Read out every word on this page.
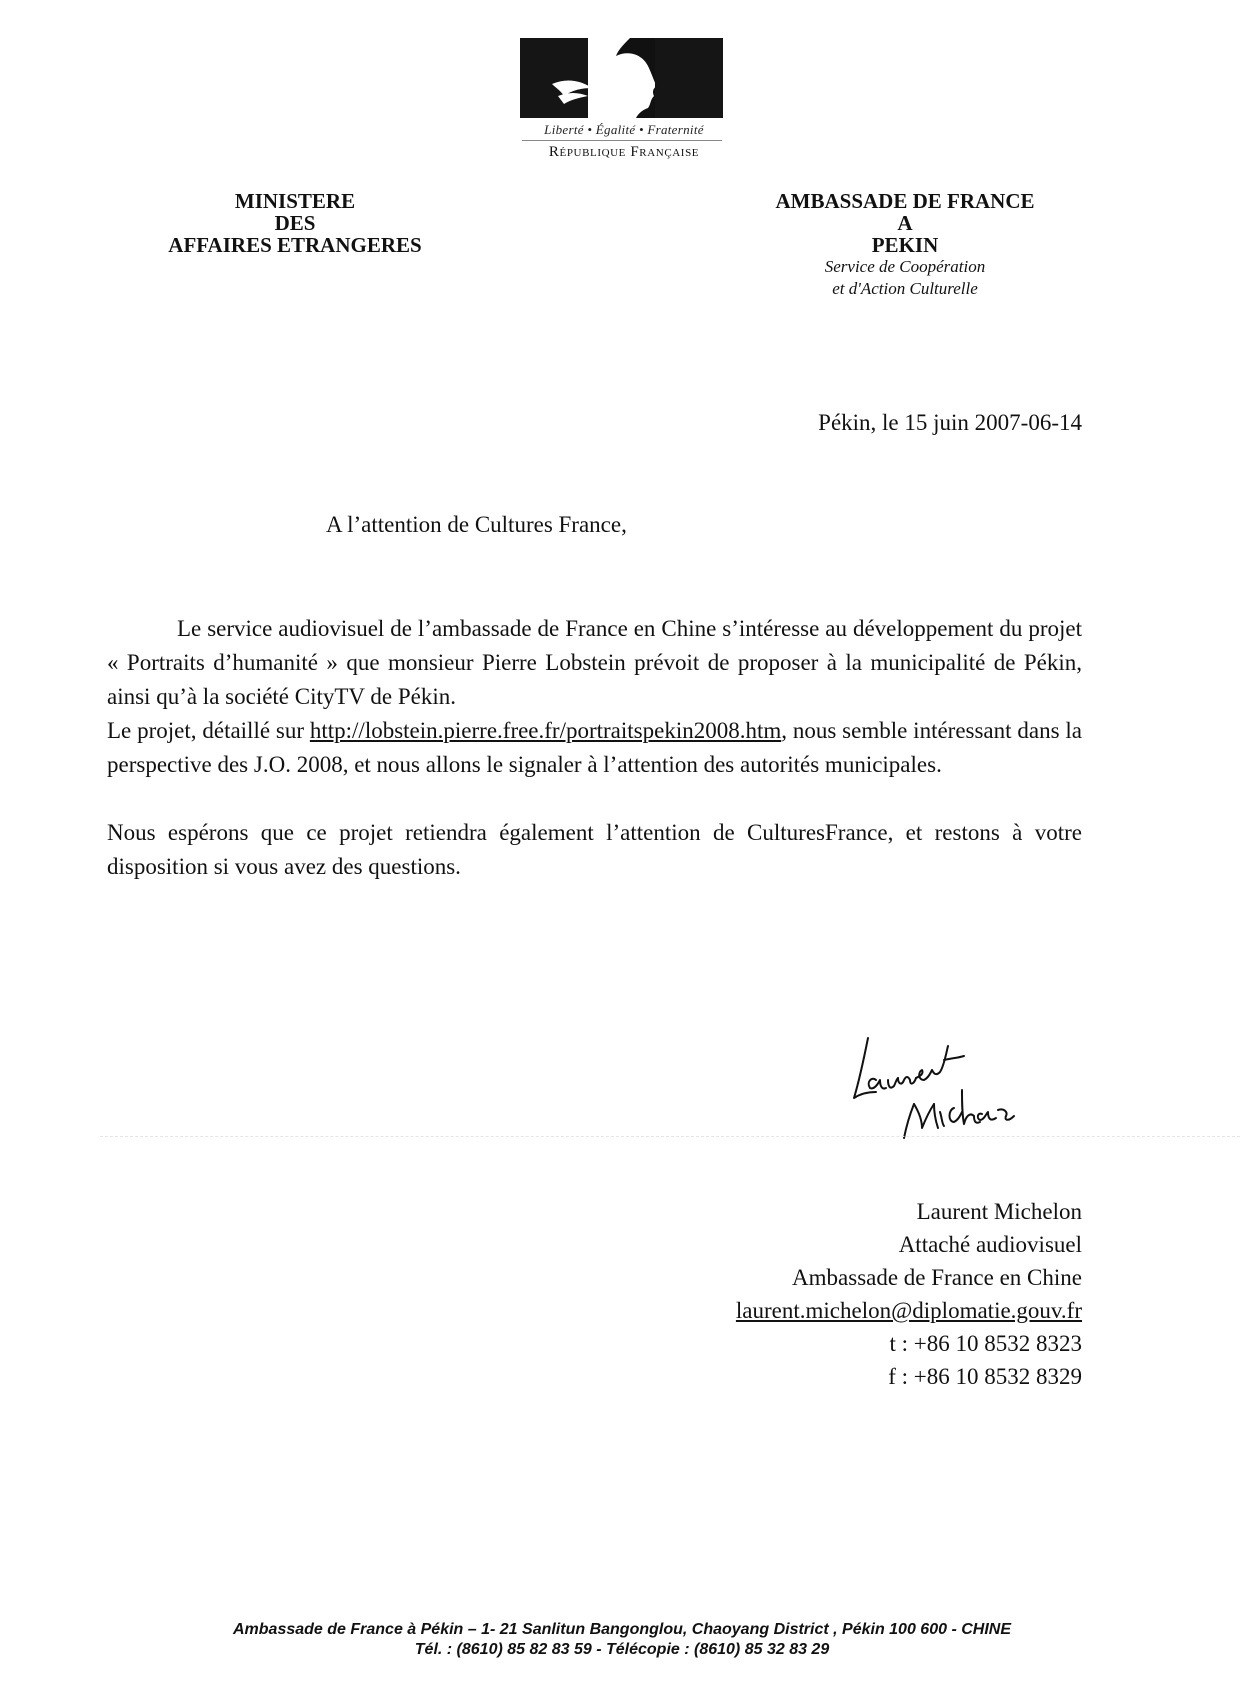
Liberté • Égalité • Fraternité
République Française
MINISTERE
DES
AFFAIRES ETRANGERES
AMBASSADE DE FRANCE
A
PEKIN
Service de Coopération
et d'Action Culturelle
Pékin, le 15 juin 2007-06-14
A l’attention de Cultures France,

Le service audiovisuel de l’ambassade de France en Chine s’intéresse au développement du projet « Portraits d’humanité » que monsieur Pierre Lobstein prévoit de proposer à la municipalité de Pékin, ainsi qu’à la société CityTV de Pékin.

Le projet, détaillé sur http://lobstein.pierre.free.fr/portraitspekin2008.htm, nous semble intéressant dans la perspective des J.O. 2008, et nous allons le signaler à l’attention des autorités municipales.

Nous espérons que ce projet retiendra également l’attention de CulturesFrance, et restons à votre disposition si vous avez des questions.

Laurent Michelon
Attaché audiovisuel
Ambassade de France en Chine
laurent.michelon@diplomatie.gouv.fr
t : +86 10 8532 8323
f : +86 10 8532 8329
Ambassade de France à Pékin – 1- 21 Sanlitun Bangonglou, Chaoyang District , Pékin 100 600 - CHINE
Tél. : (8610) 85 82 83 59 - Télécopie : (8610) 85 32 83 29
